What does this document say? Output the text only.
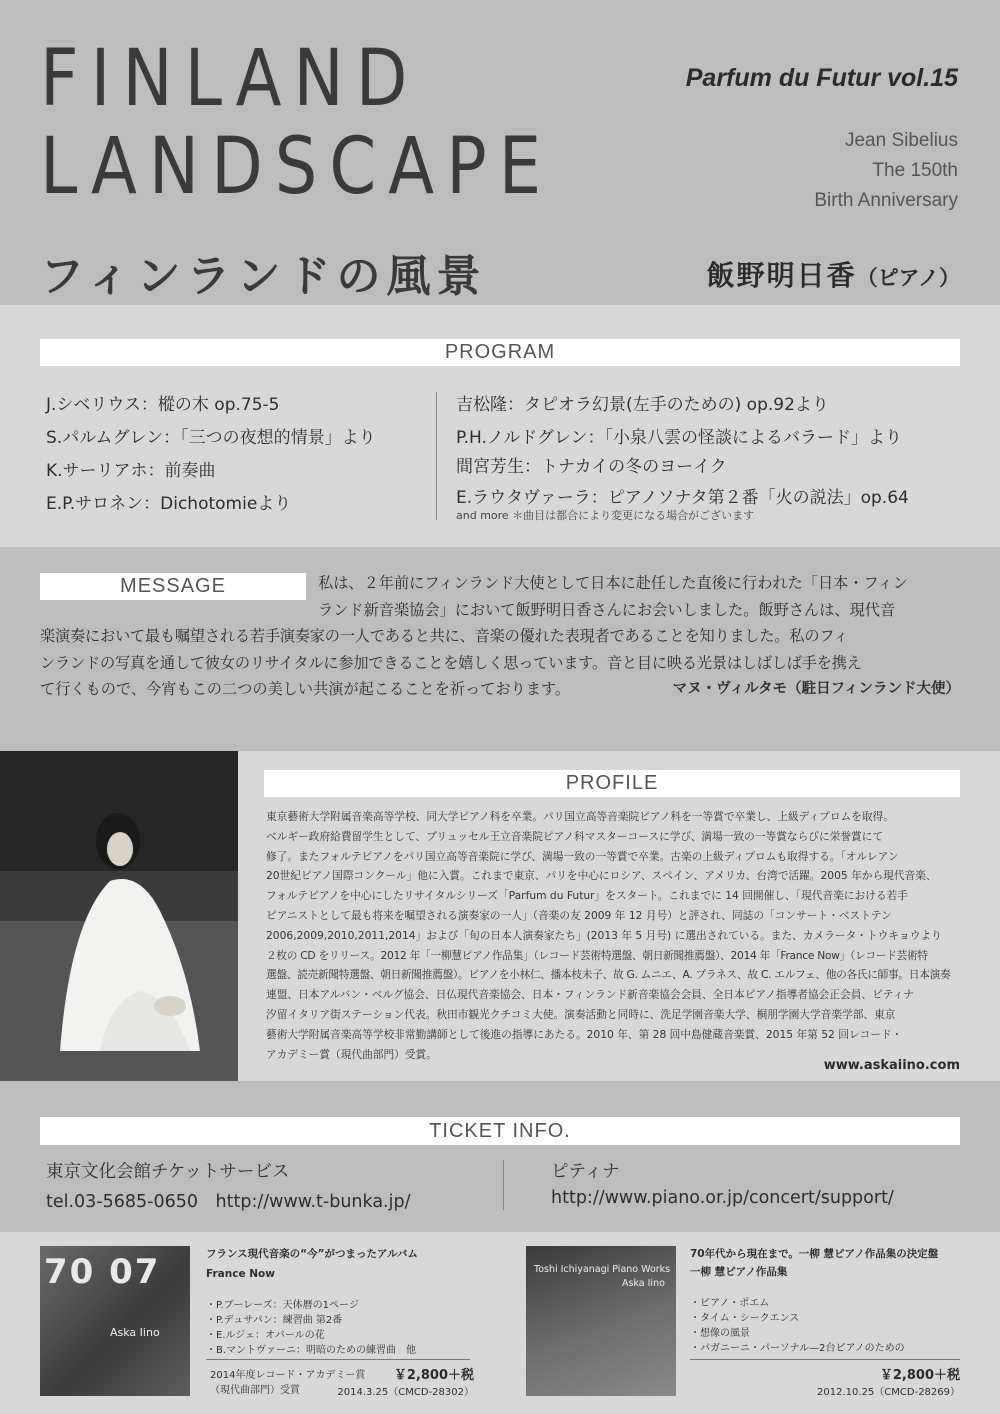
FINLAND
LANDSCAPE
フィンランドの風景
Parfum du Futur vol.15
Jean Sibelius
The 150th
Birth Anniversary
飯野明日香（ピアノ）
PROGRAM
J.シベリウス：樅の木 op.75-5
S.パルムグレン：「三つの夜想的情景」より
K.サーリアホ：前奏曲
E.P.サロネン：Dichotomieより
吉松隆：タピオラ幻景(左手のための) op.92より
P.H.ノルドグレン：「小泉八雲の怪談によるバラード」より
間宮芳生：トナカイの冬のヨーイク
E.ラウタヴァーラ：ピアノソナタ第２番「火の説法」op.64
and more ＊曲目は都合により変更になる場合がございます
MESSAGE	私は、２年前にフィンランド大使として日本に赴任した直後に行われた「日本・フィン
ランド新音楽協会」において飯野明日香さんにお会いしました。飯野さんは、現代音
楽演奏において最も嘱望される若手演奏家の一人であると共に、音楽の優れた表現者であることを知りました。私のフィ
ンランドの写真を通して彼女のリサイタルに参加できることを嬉しく思っています。音と目に映る光景はしばしば手を携え
て行くもので、今宵もこの二つの美しい共演が起こることを祈っております。	マヌ・ヴィルタモ（駐日フィンランド大使）
PROFILE
東京藝術大学附属音楽高等学校、同大学ピアノ科を卒業。パリ国立高等音楽院ピアノ科を一等賞で卒業し、上級ディプロムを取得。
ベルギー政府給費留学生として、ブリュッセル王立音楽院ピアノ科マスターコースに学び、満場一致の一等賞ならびに栄誉賞にて
修了。またフォルテピアノをパリ国立高等音楽院に学び、満場一致の一等賞で卒業。古楽の上級ディプロムも取得する。「オルレアン
20世紀ピアノ国際コンクール」他に入賞。これまで東京、パリを中心にロシア、スペイン、アメリカ、台湾で活躍。2005 年から現代音楽、
フォルテピアノを中心にしたリサイタルシリーズ「Parfum du Futur」をスタート。これまでに 14 回開催し、「現代音楽における若手
ピアニストとして最も将来を嘱望される演奏家の一人」（音楽の友 2009 年 12 月号）と評され、同誌の「コンサート・ベストテン
2006,2009,2010,2011,2014」および「旬の日本人演奏家たち」(2013 年 5 月号) に選出されている。また、カメラータ・トウキョウより
２枚の CD をリリース。2012 年「一柳慧ピアノ作品集」（レコード芸術特選盤、朝日新聞推薦盤）、2014 年「France Now」（レコード芸術特
選盤、読売新聞特選盤、朝日新聞推薦盤）。ピアノを小林仁、播本枝未子、故 G. ムニエ、A. プラネス、故 C. エルフェ、他の各氏に師事。日本演奏
連盟、日本アルバン・ベルグ協会、日仏現代音楽協会、日本・フィンランド新音楽協会会員、全日本ピアノ指導者協会正会員、ピティナ
汐留イタリア街ステーション代表。秋田市観光クチコミ大使。演奏活動と同時に、洗足学園音楽大学、桐朋学園大学音楽学部、東京
藝術大学附属音楽高等学校非常勤講師として後進の指導にあたる。2010 年、第 28 回中島健蔵音楽賞、2015 年第 52 回レコード・
アカデミー賞（現代曲部門）受賞。
www.askaiino.com
TICKET INFO.
東京文化会館チケットサービス
tel.03-5685-0650　http://www.t-bunka.jp/
ピティナ
http://www.piano.or.jp/concert/support/
70 07
Aska Iino
フランス現代音楽の“今”がつまったアルバム
France Now
・P.ブーレーズ：天体暦の1ページ
・P.デュサパン：練習曲 第2番
・E.ルジェ：オパールの花
・B.マントヴァーニ：明暗のための練習曲　他
2014年度レコード・アカデミー賞
（現代曲部門）受賞
￥2,800＋税
2014.3.25（CMCD-28302）
Toshi Ichiyanagi Piano Works
Aska Iino
70年代から現在まで。一柳 慧ピアノ作品集の決定盤
一柳 慧ピアノ作品集
・ピアノ・ポエム
・タイム・シークエンス
・想像の風景
・パガニーニ・パーソナル—2台ピアノのための
￥2,800＋税
2012.10.25（CMCD-28269）
